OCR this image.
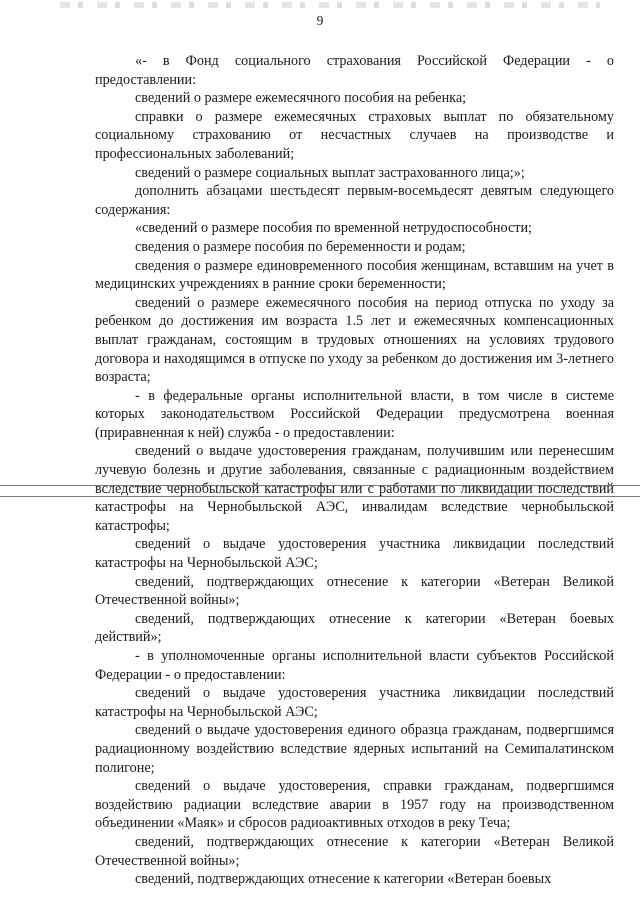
9

«- в Фонд социального страхования Российской Федерации - о предоставлении:

сведений о размере ежемесячного пособия на ребенка;

справки о размере ежемесячных страховых выплат по обязательному социальному страхованию от несчастных случаев на производстве и профессиональных заболеваний;

сведений о размере социальных выплат застрахованного лица;»;

дополнить абзацами шестьдесят первым-восемьдесят девятым следующего содержания:

«сведений о размере пособия по временной нетрудоспособности;

сведения о размере пособия по беременности и родам;

сведения о размере единовременного пособия женщинам, вставшим на учет в медицинских учреждениях в ранние сроки беременности;

сведений о размере ежемесячного пособия на период отпуска по уходу за ребенком до достижения им возраста 1.5 лет и ежемесячных компенсационных выплат гражданам, состоящим в трудовых отношениях на условиях трудового договора и находящимся в отпуске по уходу за ребенком до достижения им 3-летнего возраста;

- в федеральные органы исполнительной власти, в том числе в системе которых законодательством Российской Федерации предусмотрена военная (приравненная к ней) служба - о предоставлении:

сведений о выдаче удостоверения гражданам, получившим или перенесшим лучевую болезнь и другие заболевания, связанные с радиационным воздействием вследствие чернобыльской катастрофы или с работами по ликвидации последствий катастрофы на Чернобыльской АЭС, инвалидам вследствие чернобыльской катастрофы;

сведений о выдаче удостоверения участника ликвидации последствий катастрофы на Чернобыльской АЭС;

сведений, подтверждающих отнесение к категории «Ветеран Великой Отечественной войны»;

сведений, подтверждающих отнесение к категории «Ветеран боевых действий»;

- в уполномоченные органы исполнительной власти субъектов Российской Федерации - о предоставлении:

сведений о выдаче удостоверения участника ликвидации последствий катастрофы на Чернобыльской АЭС;

сведений о выдаче удостоверения единого образца гражданам, подвергшимся радиационному воздействию вследствие ядерных испытаний на Семипалатинском полигоне;

сведений о выдаче удостоверения, справки гражданам, подвергшимся воздействию радиации вследствие аварии в 1957 году на производственном объединении «Маяк» и сбросов радиоактивных отходов в реку Теча;

сведений, подтверждающих отнесение к категории «Ветеран Великой Отечественной войны»;

сведений, подтверждающих отнесение к категории «Ветеран боевых
